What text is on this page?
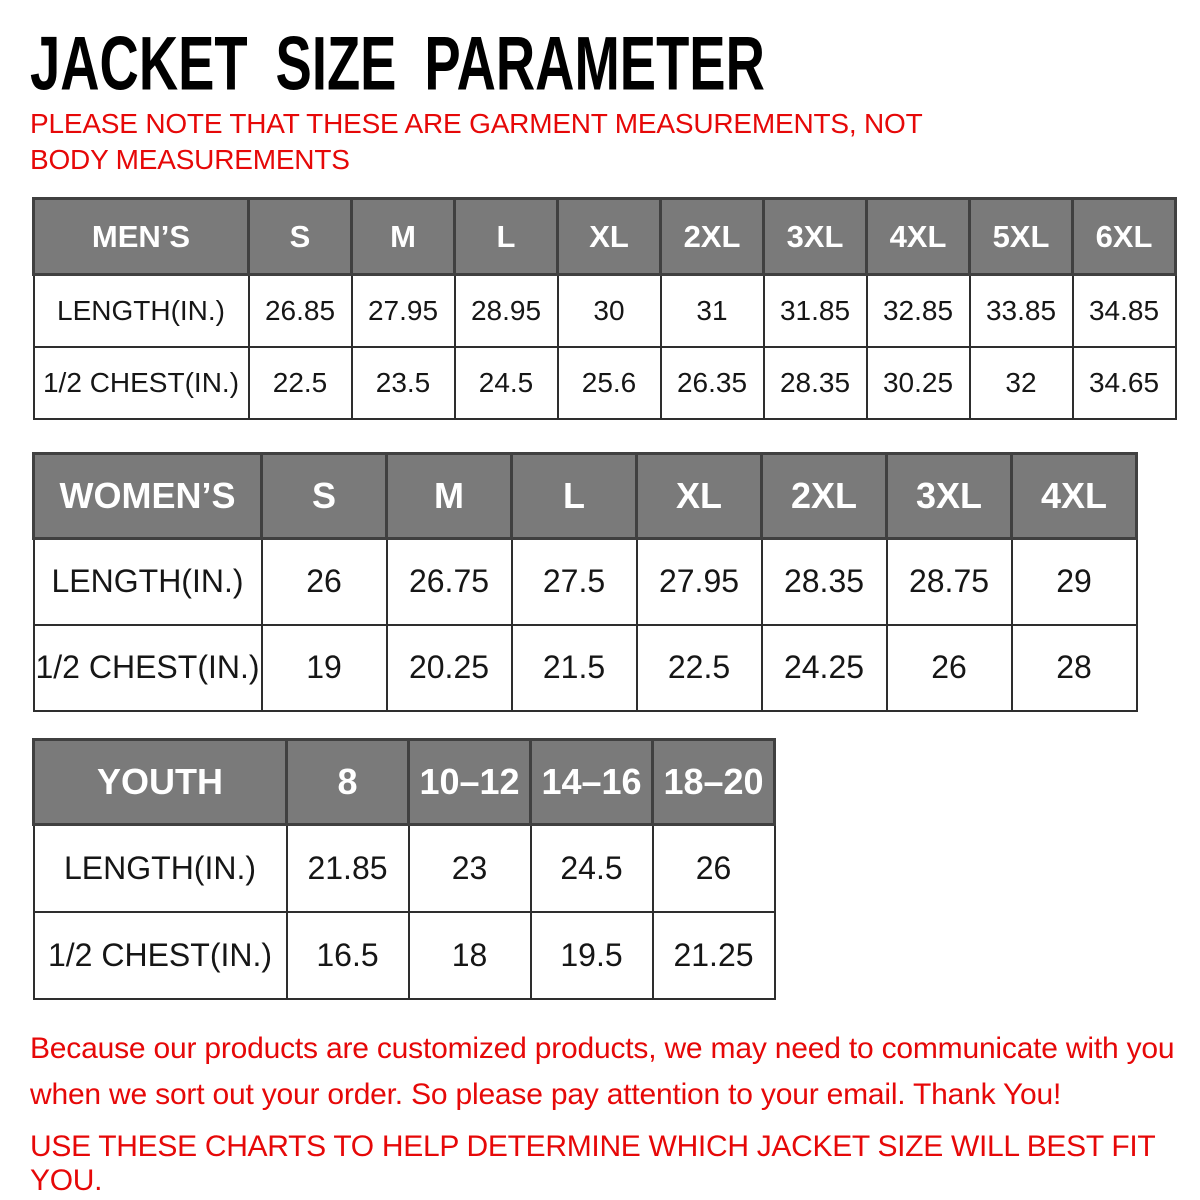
JACKET SIZE PARAMETER

PLEASE NOTE THAT THESE ARE GARMENT MEASUREMENTS, NOT BODY MEASUREMENTS

MEN’S	S	M	L	XL	2XL	3XL	4XL	5XL	6XL
LENGTH(IN.)	26.85	27.95	28.95	30	31	31.85	32.85	33.85	34.85
1/2 CHEST(IN.)	22.5	23.5	24.5	25.6	26.35	28.35	30.25	32	34.65
WOMEN’S	S	M	L	XL	2XL	3XL	4XL
LENGTH(IN.)	26	26.75	27.5	27.95	28.35	28.75	29
1/2 CHEST(IN.)	19	20.25	21.5	22.5	24.25	26	28
YOUTH	8	10–12	14–16	18–20
LENGTH(IN.)	21.85	23	24.5	26
1/2 CHEST(IN.)	16.5	18	19.5	21.25

Because our products are customized products, we may need to communicate with you when we sort out your order. So please pay attention to your email. Thank You!

USE THESE CHARTS TO HELP DETERMINE WHICH JACKET SIZE WILL BEST FIT YOU.
